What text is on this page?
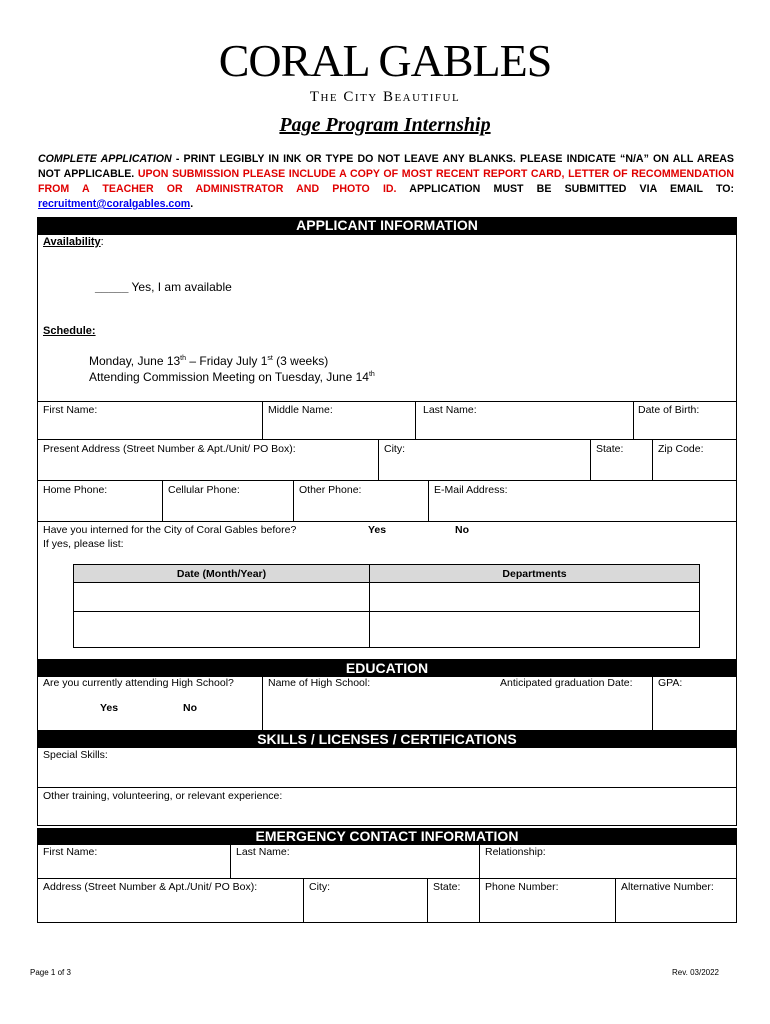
CORAL GABLES
The City Beautiful
Page Program Internship
COMPLETE APPLICATION - PRINT LEGIBLY IN INK OR TYPE DO NOT LEAVE ANY BLANKS. PLEASE INDICATE “N/A” ON ALL AREAS NOT APPLICABLE. UPON SUBMISSION PLEASE INCLUDE A COPY OF MOST RECENT REPORT CARD, LETTER OF RECOMMENDATION FROM A TEACHER OR ADMINISTRATOR AND PHOTO ID. APPLICATION MUST BE SUBMITTED VIA EMAIL TO: recruitment@coralgables.com.
APPLICANT INFORMATION
Availability:
_____ Yes, I am available
Schedule:
Monday, June 13th – Friday July 1st (3 weeks)
Attending Commission Meeting on Tuesday, June 14th
First Name:	Middle Name:	Last Name:	Date of Birth:
Present Address (Street Number & Apt./Unit/ PO Box):	City:	State:	Zip Code:
Home Phone:	Cellular Phone:	Other Phone:	E-Mail Address:
Have you interned for the City of Coral Gables before?
If yes, please list:
Yes	No
Date (Month/Year)	Departments

EDUCATION
Are you currently attending High School?
Yes	No
Name of High School:	Anticipated graduation Date: GPA:
SKILLS / LICENSES / CERTIFICATIONS
Special Skills:
Other training, volunteering, or relevant experience:
EMERGENCY CONTACT INFORMATION
First Name:	Last Name:	Relationship:
Address (Street Number & Apt./Unit/ PO Box):	City:	State: Phone Number:	Alternative Number:
Page 1 of 3	Rev. 03/2022
